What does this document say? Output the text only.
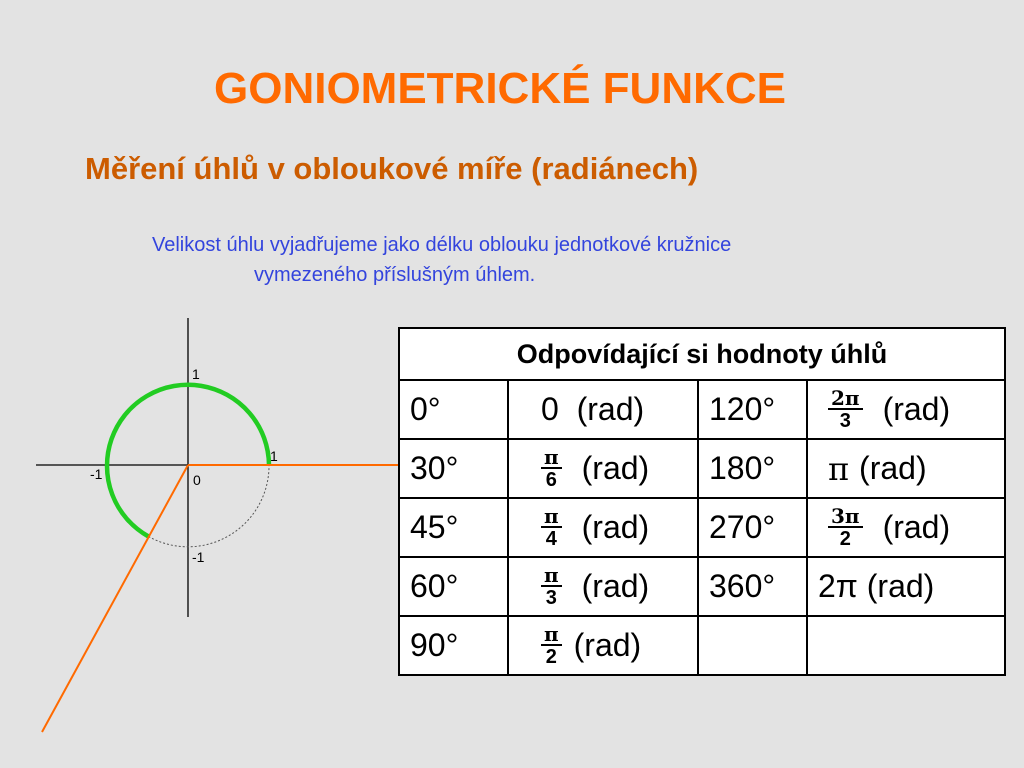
GONIOMETRICKÉ FUNKCE
Měření úhlů v obloukové míře (radiánech)
Velikost úhlu vyjadřujeme jako délku oblouku jednotkové kružnice
vymezeného příslušným úhlem.
1
1
-1	0
-1
Odpovídající si hodnoty úhlů			
0°	0  (rad)	120°	$\frac{2\pi}{3} (rad)$

30°	$\frac{\pi}{6} (rad)$	180°	π (rad)

45°	$\frac{\pi}{4} (rad)$	270°	$\frac{3\pi}{2} (rad)$

60°	$\frac{\pi}{3} (rad)$	360°	2π (rad)

90°	$\frac{\pi}{2} (rad)$		
